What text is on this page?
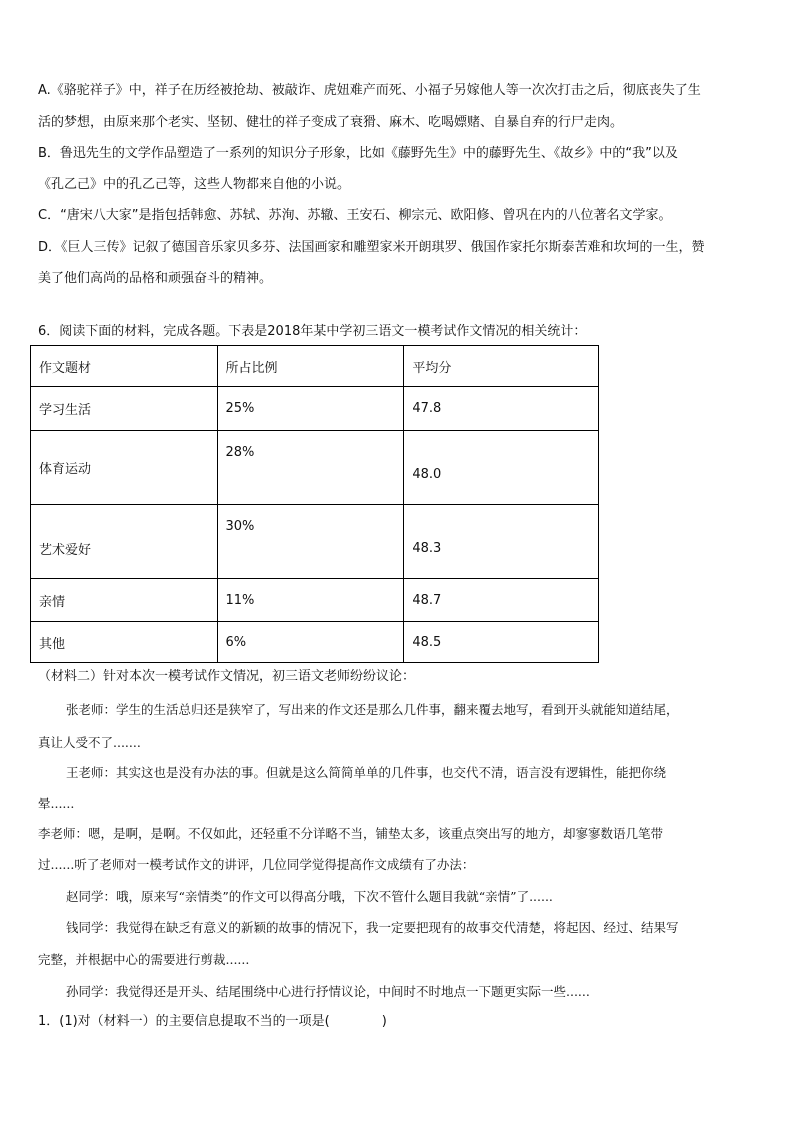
A.《骆驼祥子》中，祥子在历经被抢劫、被敲诈、虎妞难产而死、小福子另嫁他人等一次次打击之后，彻底丧失了生
活的梦想，由原来那个老实、坚韧、健壮的祥子变成了衰猾、麻木、吃喝嫖赌、自暴自弃的行尸走肉。
B．鲁迅先生的文学作品塑造了一系列的知识分子形象，比如《藤野先生》中的藤野先生、《故乡》中的“我”以及
《孔乙己》中的孔乙己等，这些人物都来自他的小说。
C．“唐宋八大家”是指包括韩愈、苏轼、苏洵、苏辙、王安石、柳宗元、欧阳修、曾巩在内的八位著名文学家。
D．《巨人三传》记叙了德国音乐家贝多芬、法国画家和雕塑家米开朗琪罗、俄国作家托尔斯泰苦难和坎坷的一生，赞
美了他们高尚的品格和顽强奋斗的精神。
6．阅读下面的材料，完成各题。下表是2018年某中学初三语文一模考试作文情况的相关统计：
作文题材	所占比例	平均分
学习生活	25%	47.8
体育运动	28%	48.0
艺术爱好	30%	48.3
亲情	11%	48.7
其他	6%	48.5
（材料二）针对本次一模考试作文情况，初三语文老师纷纷议论：
张老师：学生的生活总归还是狭窄了，写出来的作文还是那么几件事，翻来覆去地写，看到开头就能知道结尾，
真让人受不了.......
王老师：其实这也是没有办法的事。但就是这么简简单单的几件事，也交代不清，语言没有逻辑性，能把你绕
晕......
李老师：嗯，是啊，是啊。不仅如此，还轻重不分详略不当，铺垫太多，该重点突出写的地方，却寥寥数语几笔带
过......听了老师对一模考试作文的讲评，几位同学觉得提高作文成绩有了办法：
赵同学：哦，原来写“亲情类”的作文可以得高分哦，下次不管什么题目我就“亲情”了......
钱同学：我觉得在缺乏有意义的新颖的故事的情况下，我一定要把现有的故事交代清楚，将起因、经过、结果写
完整，并根据中心的需要进行剪裁......
孙同学：我觉得还是开头、结尾围绕中心进行抒情议论，中间时不时地点一下题更实际一些......
1．(1)对（材料一）的主要信息提取不当的一项是(　　　　)
